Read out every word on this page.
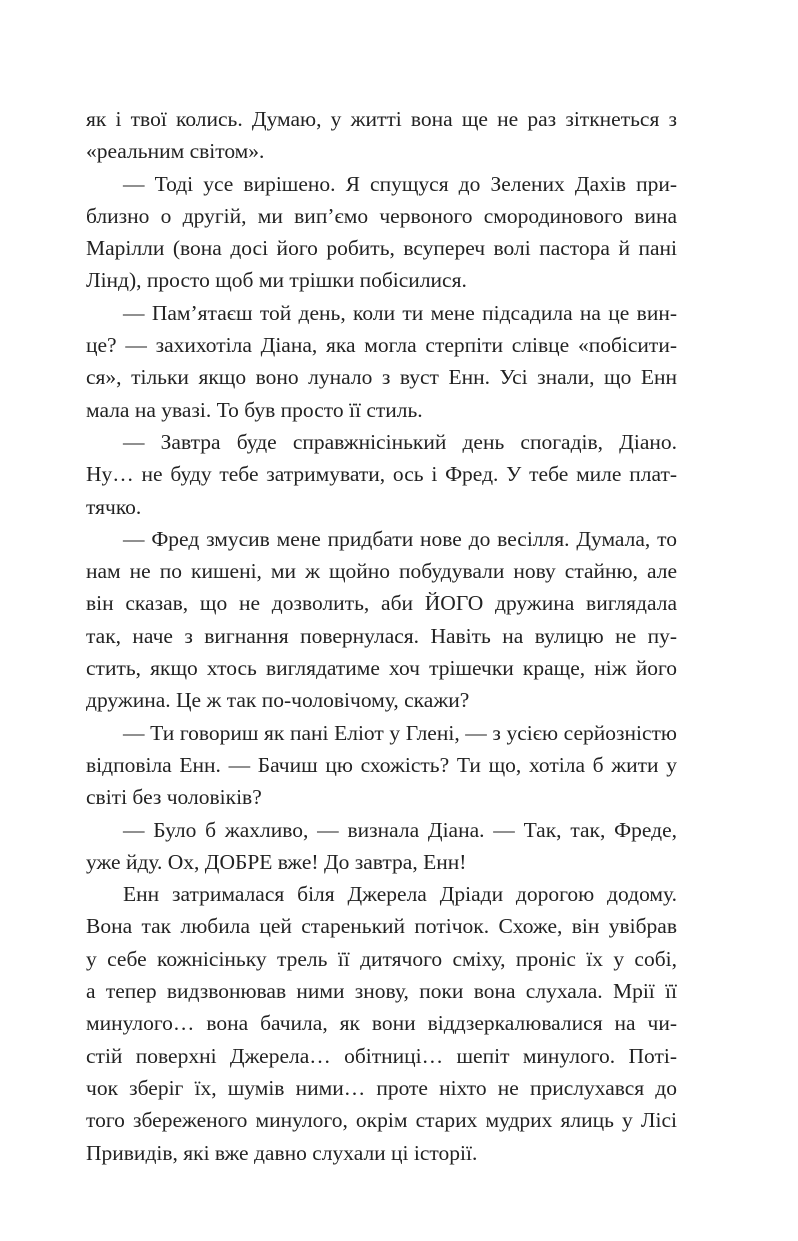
як і твої колись. Думаю, у житті вона ще не раз зіткнеться з
«реальним світом».
— Тоді усе вирішено. Я спущуся до Зелених Дахів при-
близно о другій, ми вип’ємо червоного смородинового вина
Марілли (вона досі його робить, всупереч волі пастора й пані
Лінд), просто щоб ми трішки побісилися.
— Пам’ятаєш той день, коли ти мене підсадила на це вин-
це? — захихотіла Діана, яка могла стерпіти слівце «побісити-
ся», тільки якщо воно лунало з вуст Енн. Усі знали, що Енн
мала на увазі. То був просто її стиль.
— Завтра буде справжнісінький день спогадів, Діано.
Ну… не буду тебе затримувати, ось і Фред. У тебе миле плат-
тячко.
— Фред змусив мене придбати нове до весілля. Думала, то
нам не по кишені, ми ж щойно побудували нову стайню, але
він сказав, що не дозволить, аби ЙОГО дружина виглядала
так, наче з вигнання повернулася. Навіть на вулицю не пу-
стить, якщо хтось виглядатиме хоч трішечки краще, ніж його
дружина. Це ж так по-чоловічому, скажи?
— Ти говориш як пані Еліот у Глені, — з усією серйозністю
відповіла Енн. — Бачиш цю схожість? Ти що, хотіла б жити у
світі без чоловіків?
— Було б жахливо, — визнала Діана. — Так, так, Фреде,
уже йду. Ох, ДОБРЕ вже! До завтра, Енн!
Енн затрималася біля Джерела Дріади дорогою додому.
Вона так любила цей старенький потічок. Схоже, він увібрав
у себе кожнісіньку трель її дитячого сміху, проніс їх у собі,
а тепер видзвонював ними знову, поки вона слухала. Мрії її
минулого… вона бачила, як вони віддзеркалювалися на чи-
стій поверхні Джерела… обітниці… шепіт минулого. Поті-
чок зберіг їх, шумів ними… проте ніхто не прислухався до
того збереженого минулого, окрім старих мудрих ялиць у Лісі
Привидів, які вже давно слухали ці історії.
